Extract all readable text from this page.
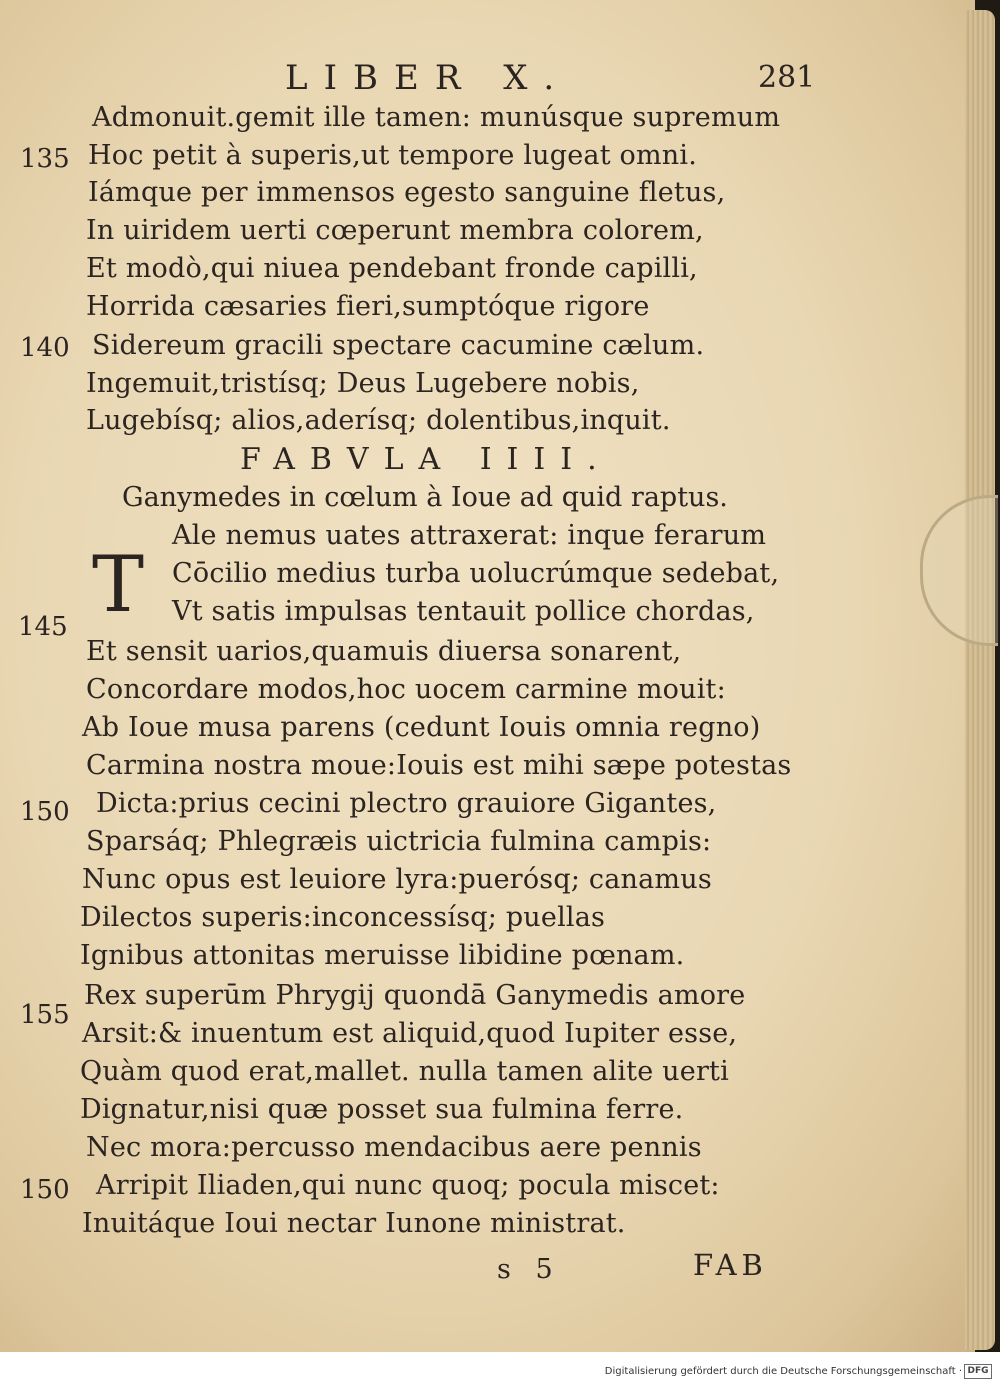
LIBER X.	281
Admonuit.gemit ille tamen: munúsque supremum
135 Hoc petit à superis,ut tempore lugeat omni.
Iámque per immensos egesto sanguine fletus,
In uiridem uerti cœperunt membra colorem,
Et modò,qui niuea pendebant fronde capilli,
Horrida cæsaries fieri,sumptóque rigore
140 Sidereum gracili spectare cacumine cælum.
Ingemuit,tristísq; Deus Lugebere nobis,
Lugebísq; alios,aderísq; dolentibus,inquit.
FABVLA IIII.
Ganymedes in cœlum à Ioue ad quid raptus.
T
Ale nemus uates attraxerat: inque ferarum
Cōcilio medius turba uolucrúmque sedebat,
145	Vt satis impulsas tentauit pollice chordas,
Et sensit uarios,quamuis diuersa sonarent,
Concordare modos,hoc uocem carmine mouit:
Ab Ioue musa parens (cedunt Iouis omnia regno)
Carmina nostra moue:Iouis est mihi sæpe potestas
150 Dicta:prius cecini plectro grauiore Gigantes,
Sparsáq; Phlegræis uictricia fulmina campis:
Nunc opus est leuiore lyra:puerósq; canamus
Dilectos superis:inconcessísq; puellas
Ignibus attonitas meruisse libidine pœnam.
155
Rex superūm Phrygij quondā Ganymedis amore
Arsit:& inuentum est aliquid,quod Iupiter esse,
Quàm quod erat,mallet. nulla tamen alite uerti
Dignatur,nisi quæ posset sua fulmina ferre.
Nec mora:percusso mendacibus aere pennis
150 Arripit Iliaden,qui nunc quoq; pocula miscet:
Inuitáque Ioui nectar Iunone ministrat.
s 5	FAB
Digitalisierung gefördert durch die Deutsche Forschungsgemeinschaft · DFG
